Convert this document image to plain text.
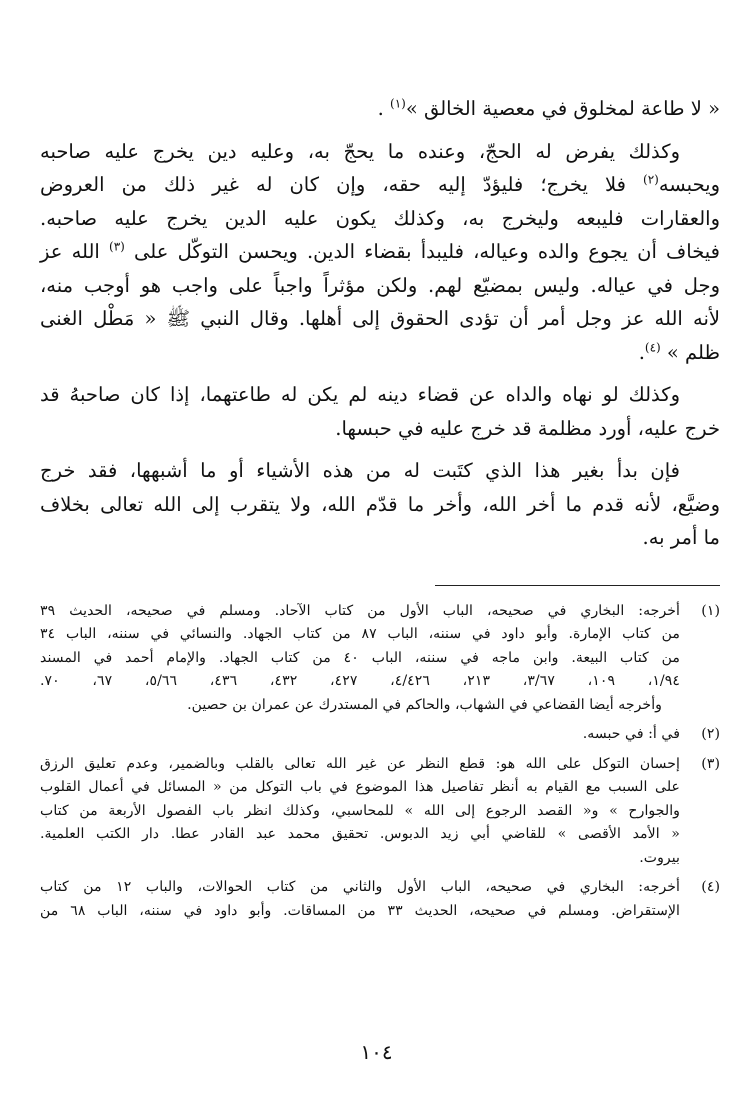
« لا طاعة لمخلوق في معصية الخالق »$^{(١)}$ .

وكذلك يفرض له الحجّ، وعنده ما يحجّ به، وعليه دين يخرج عليه صاحبه
ويحبسه$^{(٢)}$ فلا يخرج؛ فليؤدّ إليه حقه، وإن كان له غير ذلك من العروض
والعقارات فليبعه وليخرج به، وكذلك يكون عليه الدين يخرج عليه صاحبه.
فيخاف أن يجوع والده وعياله، فليبدأ بقضاء الدين. ويحسن التوكّل على $^{(٣)}$ الله عز
وجل في عياله. وليس بمضيّع لهم. ولكن مؤثراً واجباً على واجب هو أوجب منه،
لأنه الله عز وجل أمر أن تؤدى الحقوق إلى أهلها. وقال النبي ﷺ « مَطْل الغنى
ظلم » $^{(٤)}$.

وكذلك لو نهاه والداه عن قضاء دينه لم يكن له طاعتهما، إذا كان صاحبهُ قد
خرج عليه، أورد مظلمة قد خرج عليه في حبسها.

فإن بدأ بغير هذا الذي كتَبت له من هذه الأشياء أو ما أشبهها، فقد خرج
وضيَّع، لأنه قدم ما أخر الله، وأخر ما قدّم الله، ولا يتقرب إلى الله تعالى بخلاف
ما أمر به.

(١)
أخرجه: البخاري في صحيحه، الباب الأول من كتاب الآحاد. ومسلم في صحيحه، الحديث ٣٩
من كتاب الإمارة. وأبو داود في سننه، الباب ٨٧ من كتاب الجهاد. والنسائي في سننه، الباب ٣٤
من كتاب البيعة. وابن ماجه في سننه، الباب ٤٠ من كتاب الجهاد. والإمام أحمد في المسند
١/٩٤، ١٠٩، ٣/٦٧، ٢١٣، ٤/٤٢٦، ٤٢٧، ٤٣٢، ٤٣٦، ٥/٦٦، ٦٧، ٧٠.
وأخرجه أيضا القضاعي في الشهاب، والحاكم في المستدرك عن عمران بن حصين.
(٢)
في أ: في حبسه.
(٣)
إحسان التوكل على الله هو: قطع النظر عن غير الله تعالى بالقلب وبالضمير، وعدم تعليق الرزق
على السبب مع القيام به أنظر تفاصيل هذا الموضوع في باب التوكل من « المسائل في أعمال القلوب
والجوارح » و« القصد الرجوع إلى الله » للمحاسبي، وكذلك انظر باب الفصول الأربعة من كتاب
« الأمد الأقصى » للقاضي أبي زيد الدبوس. تحقيق محمد عبد القادر عطا. دار الكتب العلمية.
بيروت.
(٤)
أخرجه: البخاري في صحيحه، الباب الأول والثاني من كتاب الحوالات، والباب ١٢ من كتاب
الإستقراض. ومسلم في صحيحه، الحديث ٣٣ من المساقات. وأبو داود في سننه، الباب ٦٨ من
١٠٤
